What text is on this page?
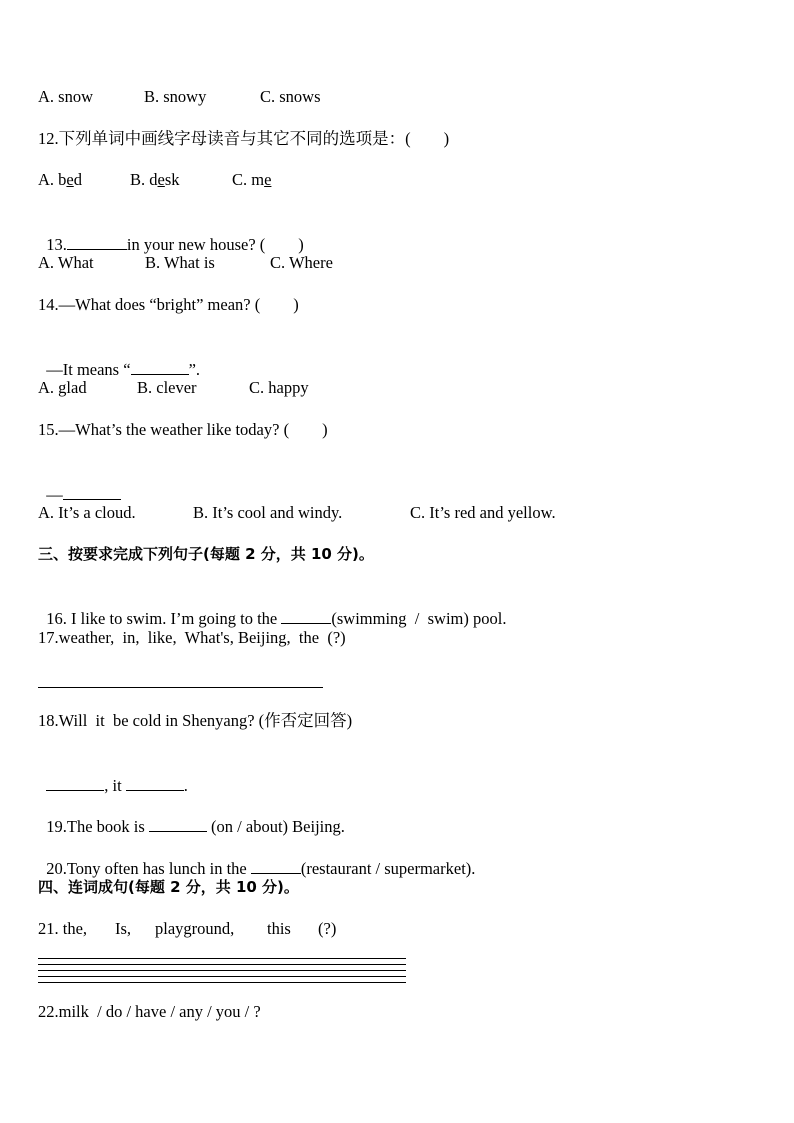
A. snow

	B. snowy

	C. snows

12.下列单词中画线字母读音与其它不同的选项是：(　　)

A. bed

	B. desk

	C. me

13.	in your new house? (　　)

A. What

	B. What is

	C. Where

14.—What does “bright” mean? (　　)

—It means “	”.

A. glad

	B. clever

	C. happy

15.—What’s the weather like today? (　　)

—

A. It’s a cloud.

	B. It’s cool and windy.

	C. It’s red and yellow.

三、按要求完成下列句子(每题 2 分，共 10 分)。

16. I like to swim. I’m going to the	(swimming  /  swim) pool.

17.weather,  in,  like,  What's, Beijing,  the  (?)
18.Will  it  be cold in Shenyang? (作否定回答)

, it	.

19.The book is	(on / about) Beijing.

20.Tony often has lunch in the	(restaurant / supermarket).

四、连词成句(每题 2 分，共 10 分)。

21. the,

Is,

playground,

this

(?)

22.milk  / do / have / any / you / ?
